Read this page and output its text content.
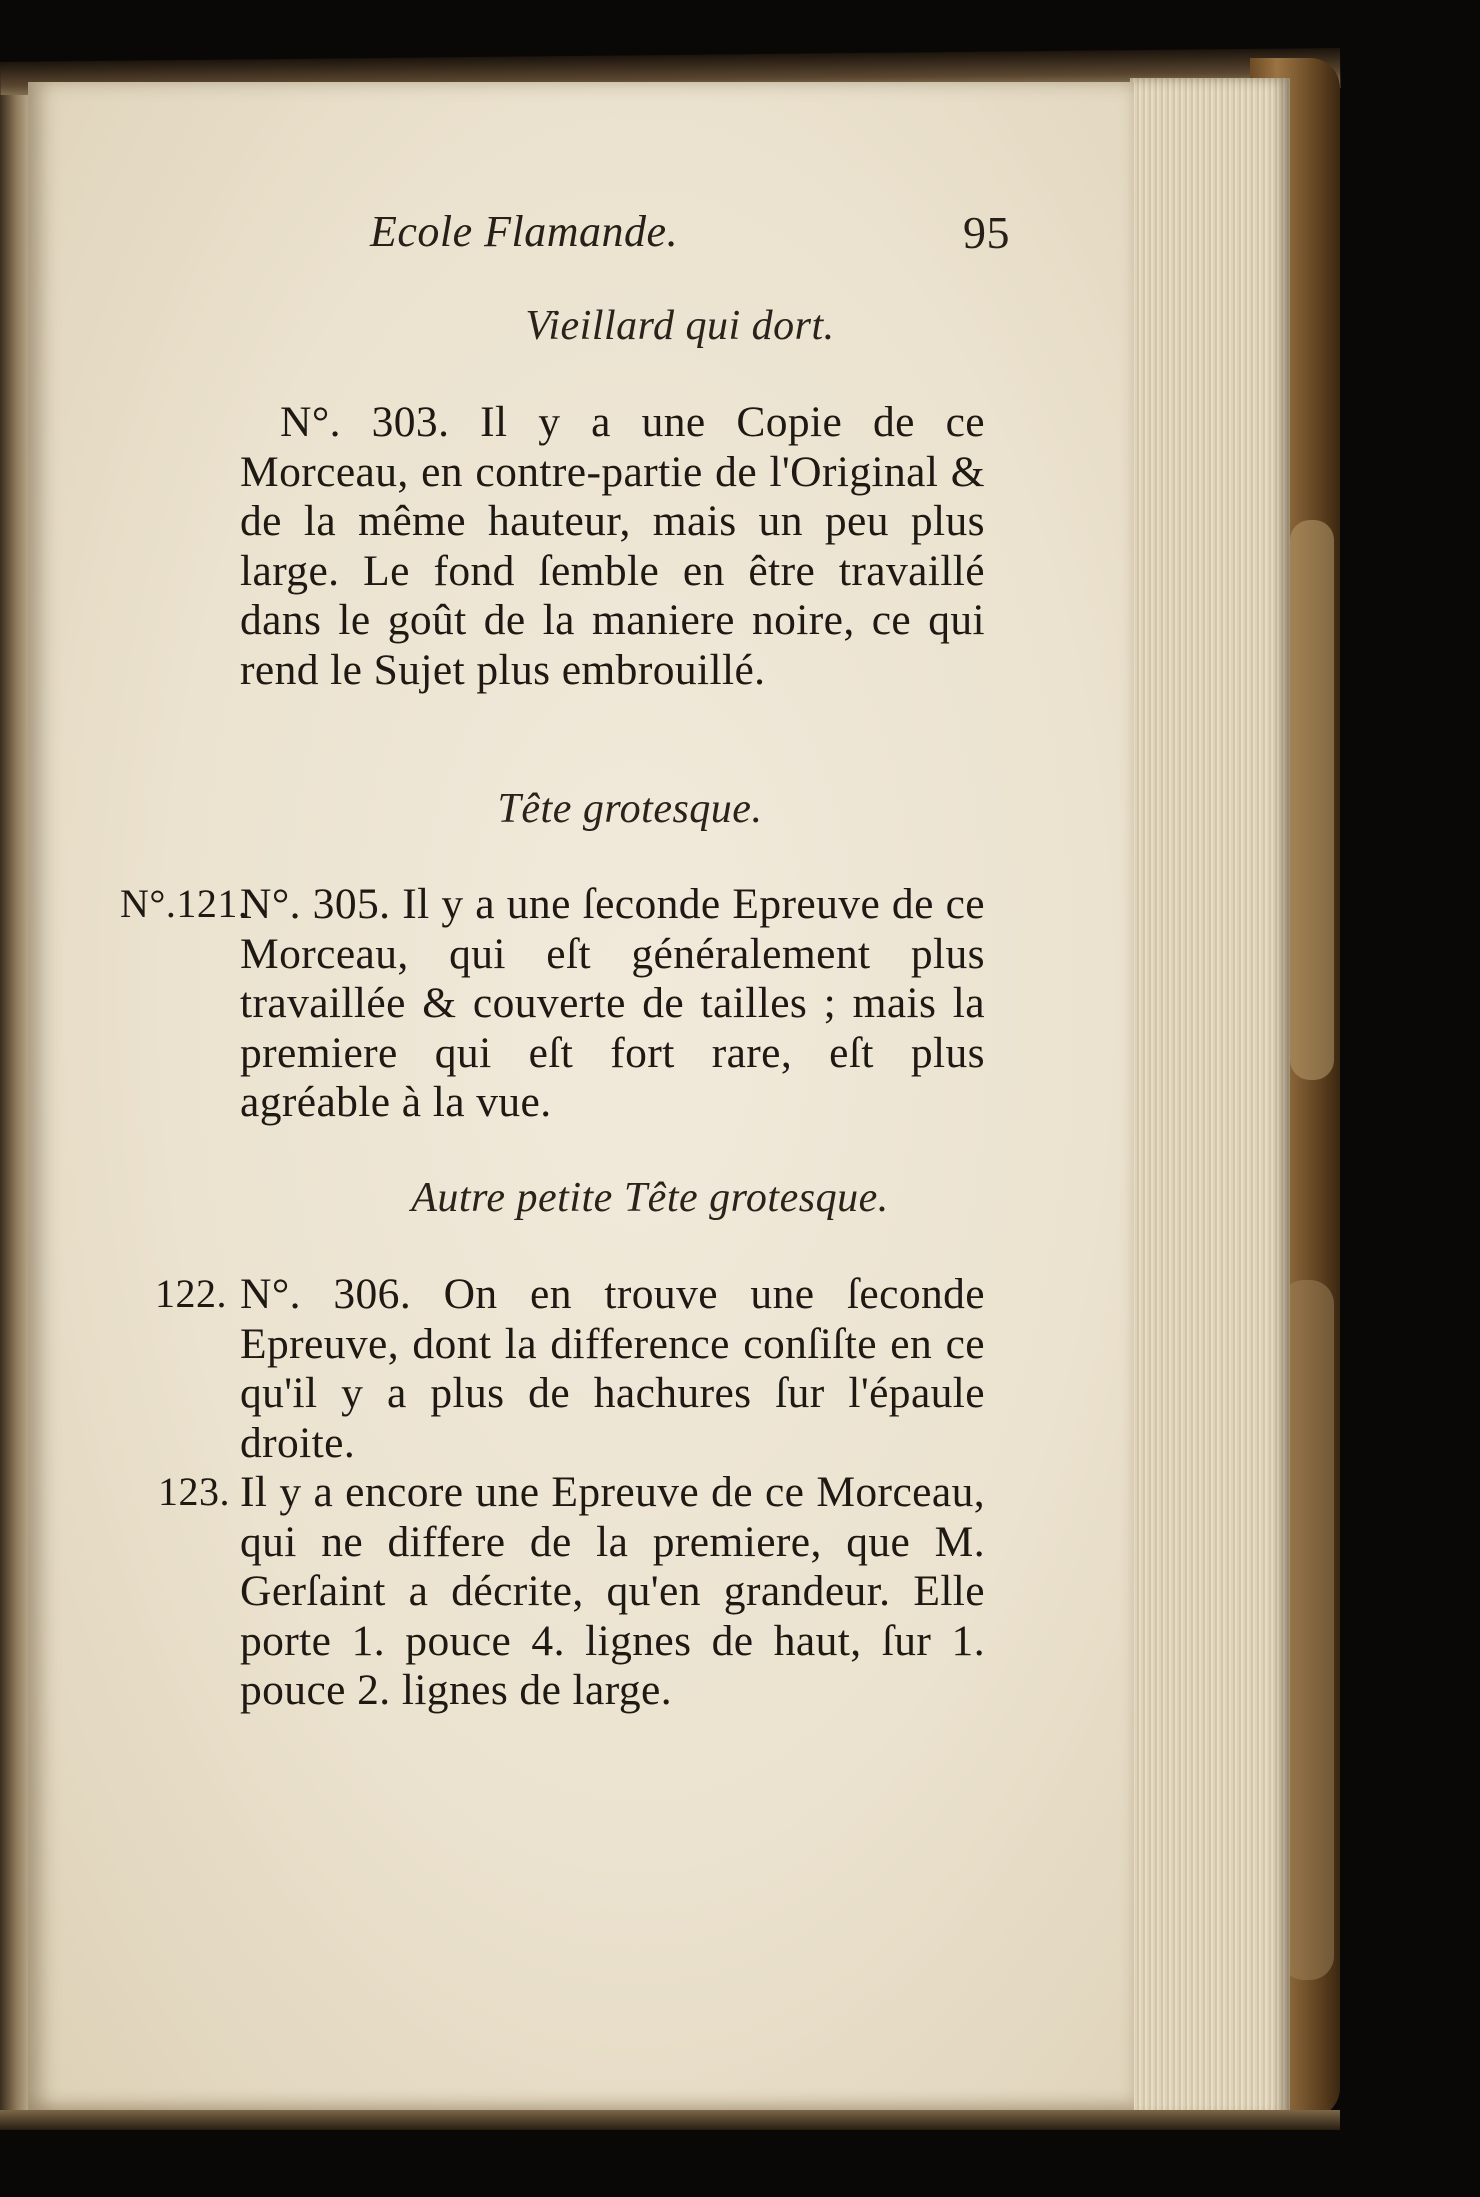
Ecole Flamande.	95
Vieillard qui dort.
N°. 303. Il y a une Copie de ce Morceau, en contre-partie de l'Original & de la même hauteur, mais un peu plus large. Le fond ſemble en être travaillé dans le goût de la maniere noire, ce qui rend le Sujet plus embrouillé.
Tête grotesque.
N°.121.
N°. 305. Il y a une ſeconde Epreuve de ce Morceau, qui eſt généralement plus travaillée & couverte de tailles ; mais la premiere qui eſt fort rare, eſt plus agréable à la vue.
Autre petite Tête grotesque.
122. N°. 306. On en trouve une ſeconde Epreuve, dont la difference conſiſte en ce qu'il y a plus de hachures ſur l'épaule droite.
123. Il y a encore une Epreuve de ce Morceau, qui ne differe de la premiere, que M. Gerſaint a décrite, qu'en grandeur. Elle porte 1. pouce 4. lignes de haut, ſur 1. pouce 2. lignes de large.
